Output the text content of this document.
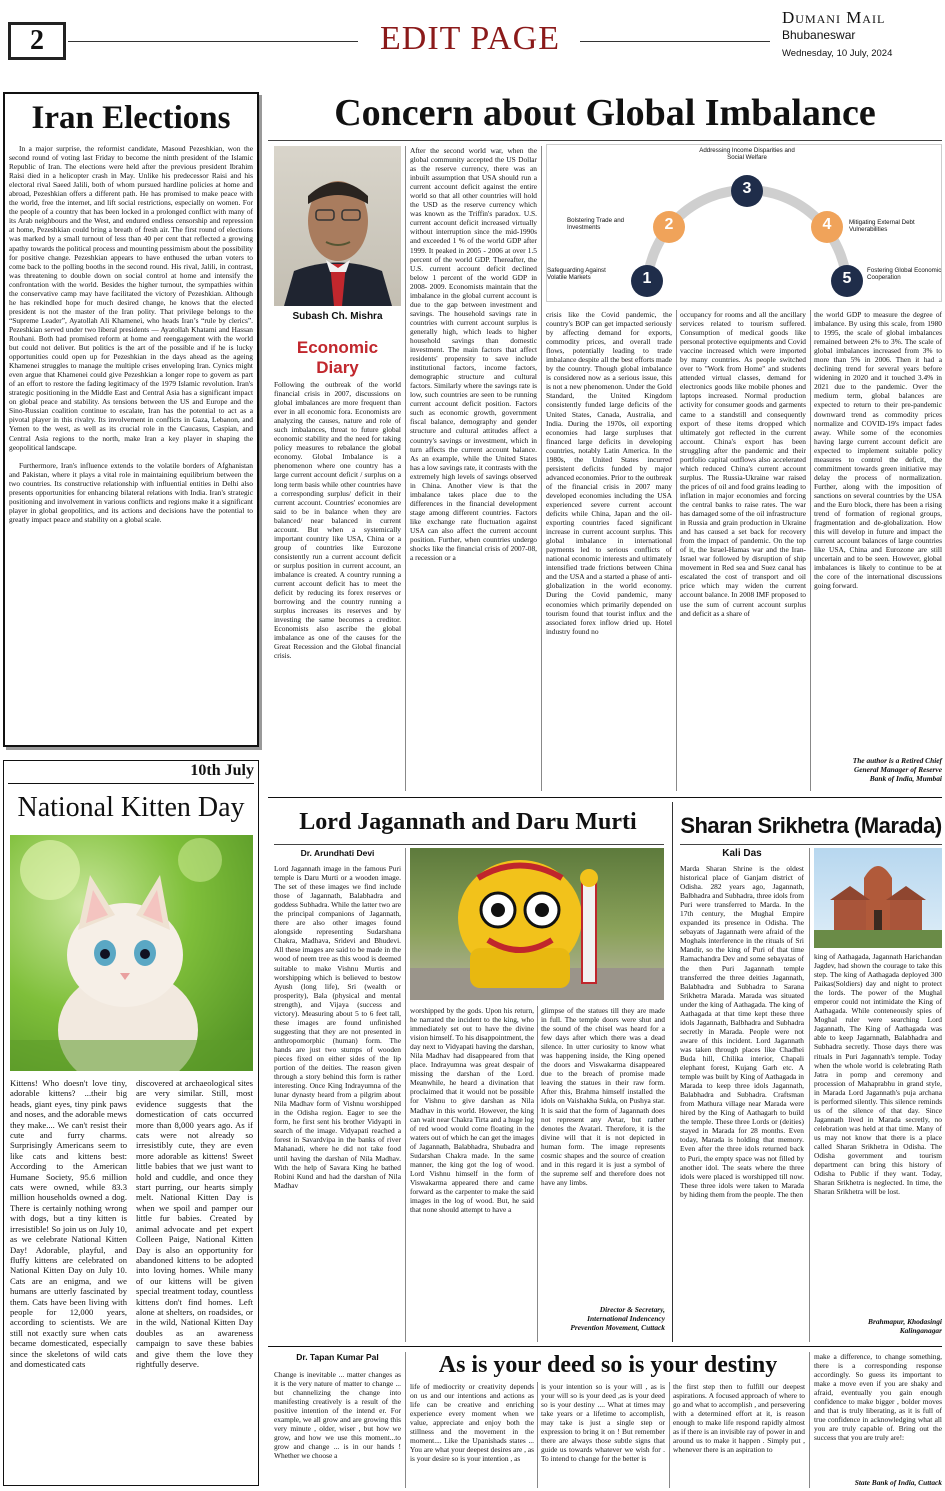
2	EDIT PAGE
Dumani Mail
Bhubaneswar
Wednesday, 10 July, 2024
Iran Elections

In a major surprise, the reformist candidate, Masoud Pezeshkian, won the second round of voting last Friday to become the ninth president of the Islamic Republic of Iran. The elections were held after the previous president Ibrahim Raisi died in a helicopter crash in May. Unlike his predecessor Raisi and his electoral rival Saeed Jalili, both of whom pursued hardline policies at home and abroad, Pezeshkian offers a different path. He has promised to make peace with the world, free the internet, and lift social restrictions, especially on women. For the people of a country that has been locked in a prolonged conflict with many of its Arab neighbours and the West, and endured endless censorship and repression at home, Pezeshkian could bring a breath of fresh air. The first round of elections was marked by a small turnout of less than 40 per cent that reflected a growing apathy towards the political process and mounting pessimism about the possibility for positive change. Pezeshkian appears to have enthused the urban voters to come back to the polling booths in the second round. His rival, Jalili, in contrast, was threatening to double down on social control at home and intensify the confrontation with the world. Besides the higher turnout, the sympathies within the conservative camp may have facilitated the victory of Pezeshkian. Although he has rekindled hope for much desired change, he knows that the elected president is not the master of the Iran polity. That privilege belongs to the “Supreme Leader”, Ayatollah Ali Khamenei, who heads Iran’s “rule by clerics”. Pezeshkian served under two liberal presidents — Ayatollah Khatami and Hassan Rouhani. Both had promised reform at home and reengagement with the world but could not deliver. But politics is the art of the possible and if he is lucky opportunities could open up for Pezeshkian in the days ahead as the ageing Khamenei struggles to manage the multiple crises enveloping Iran. Cynics might even argue that Khamenei could give Pezeshkian a longer rope to govern as part of an effort to restore the fading legitimacy of the 1979 Islamic revolution. Iran's strategic positioning in the Middle East and Central Asia has a significant impact on global peace and stability. As tensions between the US and Europe and the Sino-Russian coalition continue to escalate, Iran has the potential to act as a pivotal player in this rivalry. Its involvement in conflicts in Gaza, Lebanon, and Yemen to the west, as well as its crucial role in the Caucasus, Caspian, and Central Asia regions to the north, make Iran a key player in shaping the geopolitical landscape.

Furthermore, Iran's influence extends to the volatile borders of Afghanistan and Pakistan, where it plays a vital role in maintaining equilibrium between the two countries. Its constructive relationship with influential entities in Delhi also presents opportunities for enhancing bilateral relations with India. Iran's strategic positioning and involvement in various conflicts and regions make it a significant player in global geopolitics, and its actions and decisions have the potential to greatly impact peace and stability on a global scale.

10th July
National Kitten Day
Kittens! Who doesn't love tiny, adorable kittens? ...their big heads, giant eyes, tiny pink paws and noses, and the adorable mews they make.... We can't resist their cute and furry charms. Surprisingly Americans seem to like cats and kittens best: According to the American Humane Society, 95.6 million cats were owned, while 83.3 million households owned a dog. There is certainly nothing wrong with dogs, but a tiny kitten is irresistible! So join us on July 10, as we celebrate National Kitten Day! Adorable, playful, and fluffy kittens are celebrated on National Kitten Day on July 10. Cats are an enigma, and we humans are utterly fascinated by them. Cats have been living with people for 12,000 years, according to scientists. We are still not exactly sure when cats became domesticated, especially since the skeletons of wild cats and domesticated cats
discovered at archaeological sites are very similar. Still, most evidence suggests that the domestication of cats occurred more than 8,000 years ago. As if cats were not already so irresistibly cute, they are even more adorable as kittens! Sweet little babies that we just want to hold and cuddle, and once they start purring, our hearts simply melt. National Kitten Day is when we spoil and pamper our little fur babies. Created by animal advocate and pet expert Colleen Paige, National Kitten Day is also an opportunity for abandoned kittens to be adopted into loving homes. While many of our kittens will be given special treatment today, countless kittens don't find homes. Left alone at shelters, on roadsides, or in the wild, National Kitten Day doubles as an awareness campaign to save these babies and give them the love they rightfully deserve.
Concern about Global Imbalance
Subash Ch. Mishra
Economic Diary
Following the outbreak of the world financial crisis in 2007, discussions on global imbalances are more frequent than ever in all economic fora. Economists are analyzing the causes, nature and role of such imbalances, threat to future global economic stability and the need for taking policy measures to rebalance the global economy. Global Imbalance is a phenomenon where one country has a large current account deficit / surplus on a long term basis while other countries have a corresponding surplus/ deficit in their current account. Countries' economies are said to be in balance when they are balanced/ near balanced in current account. But when a systemically important country like USA, China or a group of countries like Eurozone consistently run a current account deficit or surplus position in current account, an imbalance is created. A country running a current account deficit has to meet the deficit by reducing its forex reserves or borrowing and the country running a surplus increases its reserves and by investing the same becomes a creditor. Economists also ascribe the global imbalance as one of the causes for the Great Recession and the Global financial crisis.
After the second world war, when the global community accepted the US Dollar as the reserve currency, there was an inbuilt assumption that USA should run a current account deficit against the entire world so that all other countries will hold the USD as the reserve currency which was known as the Triffin's paradox. U.S. current account deficit increased virtually without interruption since the mid-1990s and exceeded 1 % of the world GDP after 1999. It peaked in 2005 - 2006 at over 1.5 percent of the world GDP. Thereafter, the U.S. current account deficit declined below 1 percent of the world GDP in 2008- 2009. Economists maintain that the imbalance in the global current account is due to the gap between investment and savings. The household savings rate in countries with current account surplus is generally high, which leads to higher household savings than domestic investment. The main factors that affect residents' propensity to save include institutional factors, income factors, demographic structure and cultural factors. Similarly where the savings rate is low, such countries are seen to be running current account deficit position. Factors such as economic growth, government fiscal balance, demography and gender structure and cultural attitudes affect a country's savings or investment, which in turn affects the current account balance. As an example, while the United States has a low savings rate, it contrasts with the extremely high levels of savings observed in China. Another view is that the imbalance takes place due to the differences in the financial development stage among different countries. Factors like exchange rate fluctuation against USA can also affect the current account position. Further, when countries undergo shocks like the financial crisis of 2007-08, a recession or a
1
2
3
4
5
Addressing Income Disparities and Social Welfare
Safeguarding Against Volatile Markets
Bolstering Trade and Investments
Mitigating External Debt Vulnerabilities
Fostering Global Economic Cooperation
crisis like the Covid pandemic, the country's BOP can get impacted seriously by affecting demand for exports, commodity prices, and overall trade flows, potentially leading to trade imbalance despite all the best efforts made by the country. Though global imbalance is considered now as a serious issue, this is not a new phenomenon. Under the Gold Standard, the United Kingdom consistently funded large deficits of the United States, Canada, Australia, and India. During the 1970s, oil exporting economies had large surpluses that financed large deficits in developing countries, notably Latin America. In the 1980s, the United States incurred persistent deficits funded by major advanced economies. Prior to the outbreak of the financial crisis in 2007 many developed economies including the USA experienced severe current account deficits while China, Japan and the oil-exporting countries faced significant increase in current account surplus. This global imbalance in international payments led to serious conflicts of national economic interests and ultimately intensified trade frictions between China and the USA and a started a phase of anti-globalization in the world economy. During the Covid pandemic, many economies which primarily depended on tourism found that tourist influx and the associated forex inflow dried up. Hotel industry found no
occupancy for rooms and all the ancillary services related to tourism suffered. Consumption of medical goods like personal protective equipments and Covid vaccine increased which were imported by many countries. As people switched over to "Work from Home" and students attended virtual classes, demand for electronics goods like mobile phones and laptops increased. Normal production activity for consumer goods and garments came to a standstill and consequently export of these items dropped which ultimately got reflected in the current account. China's export has been struggling after the pandemic and their portfolio capital outflows also accelerated which reduced China's current account surplus. The Russia-Ukraine war raised the prices of oil and food grains leading to inflation in major economies and forcing the central banks to raise rates. The war has damaged some of the oil infrastructure in Russia and grain production in Ukraine and has caused a set back for recovery from the impact of pandemic. On the top of it, the Israel-Hamas war and the Iran-Israel war followed by disruption of ship movement in Red sea and Suez canal has escalated the cost of transport and oil price which may widen the current account balance. In 2008 IMF proposed to use the sum of current account surplus and deficit as a share of
the world GDP to measure the degree of imbalance. By using this scale, from 1980 to 1995, the scale of global imbalances remained between 2% to 3%. The scale of global imbalances increased from 3% to more than 5% in 2006. Then it had a declining trend for several years before widening in 2020 and it touched 3.4% in 2021 due to the pandemic. Over the medium term, global balances are expected to return to their pre-pandemic downward trend as commodity prices normalize and COVID-19's impact fades away. While some of the economies having large current account deficit are expected to implement suitable policy measures to control the deficit, the commitment towards green initiative may delay the process of normalization. Further, along with the imposition of sanctions on several countries by the USA and the Euro block, there has been a rising trend of formation of regional groups, fragmentation and de-globalization. How this will develop in future and impact the current account balances of large countries like USA, China and Eurozone are still uncertain and to be seen. However, global imbalances is likely to continue to be at the core of the international discussions going forward.
The author is a Retired Chief
General Manager of Reserve
Bank of India, Mumbai
Lord Jagannath and Daru Murti
Dr. Arundhati Devi
Lord Jagannath image in the famous Puri temple is Daru Murti or a wooden image. The set of these images we find include those of Jagannath, Balabhadra and goddess Subhadra. While the latter two are the principal companions of Jagannath, there are also other images found alongside representing Sudarshana Chakra, Madhava, Sridevi and Bhudevi. All these images are said to be made in the wood of neem tree as this wood is deemed suitable to make Vishnu Murtis and worshipping which is believed to bestow Ayush (long life), Sri (wealth or prosperity), Bala (physical and mental strength), and Vijaya (success and victory). Measuring about 5 to 6 feet tall, these images are found unfinished suggesting that they are not presented in anthropomorphic (human) form. The hands are just two stumps of wooden pieces fixed on either sides of the lip portion of the deities. The reason given through a story behind this form is rather interesting. Once King Indrayumna of the lunar dynasty heard from a pilgrim about Nila Madhav form of Vishnu worshipped in the Odisha region. Eager to see the form, he first sent his brother Vidyapti in search of the image. Vidyapati reached a forest in Savardvipa in the banks of river Mahanadi, where he did not take food until having the darshan of Nila Madhav. With the help of Savara King he bathed Robini Kund and had the darshan of Nila Madhav
worshipped by the gods. Upon his return, he narrated the incident to the king, who immediately set out to have the divine vision himself. To his disappointment, the day next to Vidyapati having the darshan, Nila Madhav had disappeared from that place. Indrayumna was great despair of missing the darshan of the Lord. Meanwhile, he heard a divination that proclaimed that it would not be possible for Vishnu to give darshan as Nila Madhav in this world. However, the king can wait near Chakra Tirta and a huge log of red wood would come floating in the waters out of which he can get the images of Jagannath, Balabhadra, Shubadra and Sudarshan Chakra made. In the same manner, the king got the log of wood. Lord Vishnu himself in the form of Viswakarma appeared there and came forward as the carpenter to make the said images in the log of wood. But, he said that none should attempt to have a
glimpse of the statues till they are made in full. The temple doors were shut and the sound of the chisel was heard for a few days after which there was a dead silence. In utter curiosity to know what was happening inside, the King opened the doors and Viswakarma disappeared due to the breach of promise made leaving the statues in their raw form. After this, Brahma himself installed the idols on Vaishakha Sukla, on Pushya star. It is said that the form of Jagannath does not represent any Avtar, but rather denotes the Avatari. Therefore, it is the divine will that it is not depicted in human form. The image represents cosmic shapes and the source of creation and in this regard it is just a symbol of the supreme self and therefore does not have any limbs.
Director & Secretary,
International Indencency
Prevention Movement, Cuttack
Sharan Srikhetra (Marada)
Kali Das
Marda Sharan Shrine is the oldest historical place of Ganjam district of Odisha. 282 years ago, Jagannath, Balbhadra and Subhadra, three idols from Puri were transferred to Marda. In the 17th century, the Mughal Empire expanded its presence in Odisha. The sebayats of Jagannath were afraid of the Moghals interference in the rituals of Sri Mandir, so the king of Puri of that time Ramachandra Dev and some sebayatas of the then Puri Jagannath temple transferred the three deities Jagannath, Balabhadra and Subhadra to Sarana Srikhetra Marada. Marada was situated under the king of Aathagada. The king of Aathagada at that time kept these three idols Jagannath, Balbhadra and Subhadra secretly in Marada. People were not aware of this incident. Lord Jagannath was taken through places like Chadhei Buda hill, Chilika interior, Chapali elephant forest, Kujang Garh etc. A temple was built by King of Aathagada in Marada to keep three idols Jagannath, Balabhadra and Subhadra. Craftsman from Mathura village near Marada were hired by the King of Aathagarh to build the temple. These three Lords or (deities) stayed in Marada for 28 months. Even today, Marada is holding that memory. Even after the three idols returned back to Puri, the empty space was not filled by another idol. The seats where the three idols were placed is worshipped till now. These three idols were taken to Marada by hiding them from the people. The then
king of Aathagada, Jagannath Harichandan Jagdev, had shown the courage to take this step. The king of Aathagada deployed 300 Paikas(Soldiers) day and night to protect the lords. The power of the Mughal emperor could not intimidate the King of Aathagada. While conteneously spies of Moghal ruler were searching Lord Jagannath, The King of Aathagada was able to keep Jagarnnath, Balabhadra and Subhadra secretly. Those days there was rituals in Puri Jagannath's temple. Today when the whole world is celebrating Rath Jatra in pomp and ceremony and procession of Mahaprabhu in grand style, in Marada Lord Jagannath's puja archana is performed silently. This silence reminds us of the silence of that day. Since Jagannath lived in Marada secretly, no celebration was held at that time. Many of us may not know that there is a place called Sharan Srikhetra in Odisha. The Odisha government and tourism department can bring this history of Odisha to Public if they want. Today, Sharan Srikhetra is neglected. In time, the Sharan Srikhetra will be lost.
Brahmapur, Khodasingi
Kalinganagar
Dr. Tapan Kumar Pal	As is your deed so is your destiny
Change is inevitable ... matter changes as it is the very nature of matter to change ... but channelizing the change into manifesting creatively is a result of the positive intention of the intend er. For example, we all grow and are growing this very minute , older, wiser , but how we grow, and how we use this moment...to grow and change ... is in our hands ! Whether we choose a
life of mediocrity or creativity depends on us and our intentions and actions as life can be creative and enriching experience every moment when we value, appreciate and enjoy both the stillness and the movement in the moment.... Like the Upanishads states ... You are what your deepest desires are , as is your desire so is your intention , as
is your intention so is your will , as is your will so is your deed ,as is your deed so is your destiny .... What at times may take years or a lifetime to accomplish, may take is just a single step or expression to bring it on ! But remember there are always those subtle signs that guide us towards whatever we wish for . To intend to change for the better is
the first step then to fulfill our deepest aspirations. A focused approach of where to go and what to accomplish , and persevering with a determined effort at it, is reason enough to make life respond rapidly almost as if there is an invisible ray of power in and around us to make it happen . Simply put , whenever there is an aspiration to
make a difference, to change something, there is a corresponding response accordingly. So guess its important to make a move even if you are shaky and afraid, eventually you gain enough confidence to make bigger , bolder moves and that is truly liberating, as it is full of true confidence in acknowledging what all you are truly capable of. Bring out the success that you are truly are!:
State Bank of India, Cuttack
